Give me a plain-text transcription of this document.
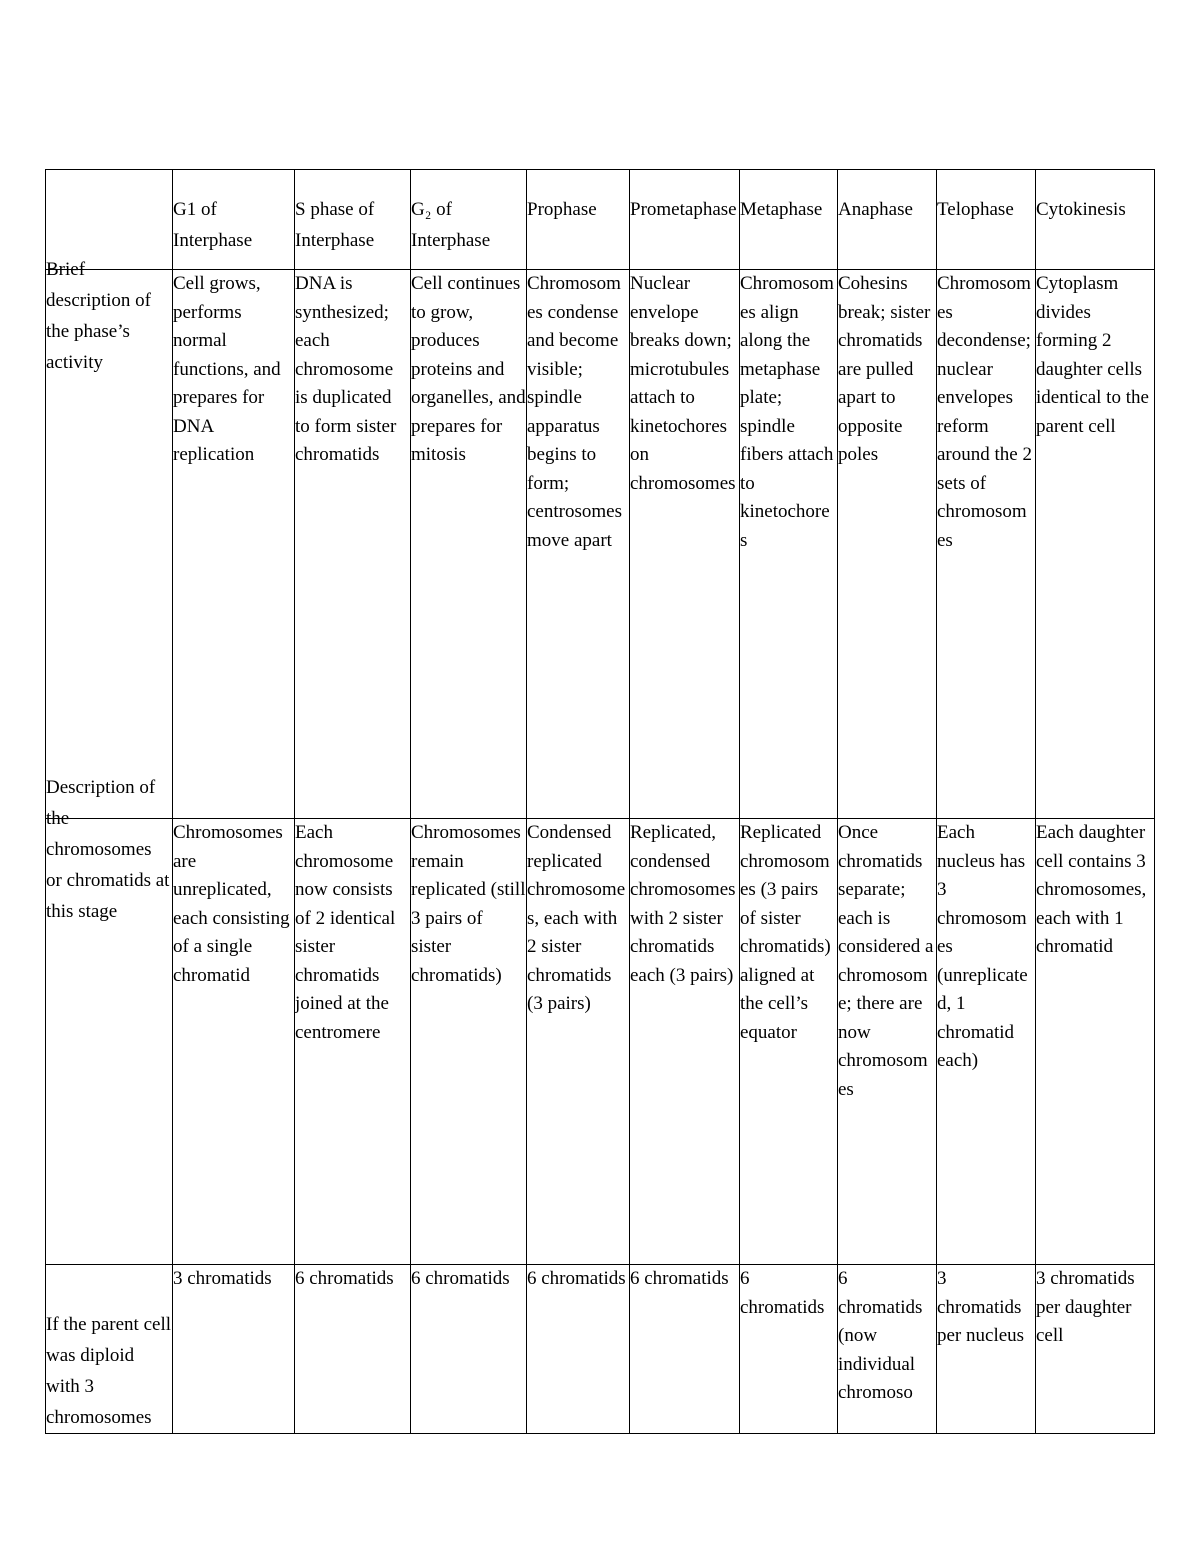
	G1 of Interphase	S phase of Interphase	G₂ of Interphase	Prophase	Prometaphase	Metaphase	Anaphase	Telophase	Cytokinesis

Brief description of the phase’s activity	Cell grows, performs normal functions, and prepares for DNA replication	DNA is synthesized; each chromosome is duplicated to form sister chromatids	Cell continues to grow, produces proteins and organelles, and prepares for mitosis	Chromosomes condense and become visible; spindle apparatus begins to form; centrosomes move apart	Nuclear envelope breaks down; microtubules attach to kinetochores on chromosomes	Chromosomes align along the metaphase plate; spindle fibers attach to kinetochores	Cohesins break; sister chromatids are pulled apart to opposite poles	Chromosomes decondense; nuclear envelopes reform around the 2 sets of chromosomes	Cytoplasm divides forming 2 daughter cells identical to the parent cell

Description of the chromosomes or chromatids at this stage	Chromosomes are unreplicated, each consisting of a single chromatid	Each chromosome now consists of 2 identical sister chromatids joined at the centromere	Chromosomes remain replicated (still 3 pairs of sister chromatids)	Condensed replicated chromosomes, each with 2 sister chromatids (3 pairs)	Replicated, condensed chromosomes with 2 sister chromatids each (3 pairs)	Replicated chromosomes (3 pairs of sister chromatids) aligned at the cell’s equator	Once chromatids separate; each is considered a chromosome; there are now chromosomes	Each nucleus has 3 chromosomes (unreplicated, 1 chromatid each)	Each daughter cell contains 3 chromosomes, each with 1 chromatid

If the parent cell was diploid with 3 chromosomes	3 chromatids	6 chromatids	6 chromatids	6 chromatids	6 chromatids	6 chromatids	6 chromatids (now individual chromoso	3 chromatids per nucleus	3 chromatids per daughter cell
